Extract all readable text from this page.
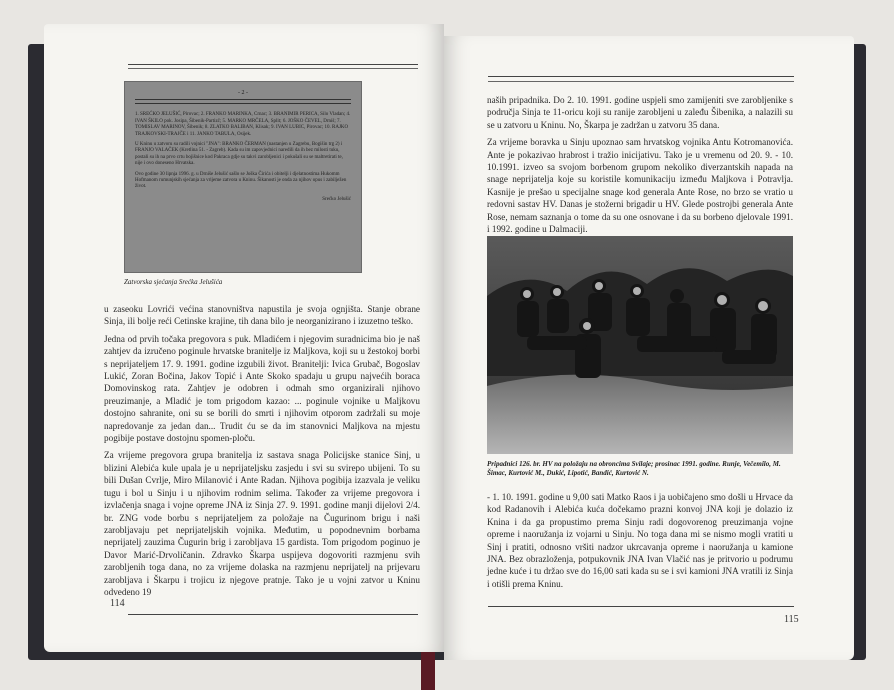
- 2 -

1. SREĆKO JELUŠIĆ, Pirovac; 2. FRANKO MARINKA, Crnac; 3. BRANIMIR PERICA, Silo Vladan; 4. IVAN ŠKILO pok. Josipa, Šibenik-Partizč; 5. MARKO MRČELA, Split; 6. JOŠKO ČEVEL, Drniš; 7. TOMISLAV MARINOV, Šibenik; 8. ZLATKO BALIBAN, Klisak; 9. IVAN LUBIC, Pirovac; 10. RAJKO TRAJKOVSKI-TRAJČE i 11. JANKO TABULA, Osijek.

U Kninu u zatvoru su radili vojnici "JNA": BRANKO ČERMAN (nastanjen u Zagrebu, Bogišin trg 2) i FRANJO VALAČEK (Kretlina 51. - Zagreb). Kada su im zapovjednici naredili da ih bez milosti tuku, postali su ih na prvo crtu bojišnice kod Pakraca gdje su takvi zarobljenici i pokušali su se maltretirati te, nije i ovo doneseno Hrvatska.

Ovo godine 30 lipnja 1996. g. u Drniše Jelušić sašlo se Joška Čirića i obitelji i djelatnostima Hukomm Hofmanom rumunjskih sjećanja za vrijeme zatvora u Kninu. Šikanosti je onda za njihov opus i zabilježen život.

Srećko Jelušić
Zatvorska sjećanja Srećka Jelušića

u zaseoku Lovrići većina stanovništva napustila je svoja ognjišta. Stanje obrane Sinja, ili bolje reći Cetinske krajine, tih dana bilo je neorganizirano i izuzetno teško.

Jedna od prvih točaka pregovora s puk. Mladićem i njegovim suradnicima bio je naš zahtjev da izručeno poginule hrvatske branitelje iz Maljkova, koji su u žestokoj borbi s neprijateljem 17. 9. 1991. godine izgubili život. Branitelji: Ivica Grubač, Bogoslav Lukić, Zoran Bočina, Jakov Topić i Ante Skoko spadaju u grupu najvećih boraca Domovinskog rata. Zahtjev je odobren i odmah smo organizirali njihovo preuzimanje, a Mladić je tom prigodom kazao: ... poginule vojnike u Maljkovu dostojno sahranite, oni su se borili do smrti i njihovim otporom zadržali su moje napredovanje za jedan dan... Trudit ću se da im stanovnici Maljkova na mjestu pogibije postave dostojnu spomen-ploču.

Za vrijeme pregovora grupa branitelja iz sastava snaga Policijske stanice Sinj, u blizini Alebića kule upala je u neprijateljsku zasjedu i svi su svirepo ubijeni. To su bili Dušan Cvrlje, Miro Milanović i Ante Radan. Njihova pogibija izazvala je veliku tugu i bol u Sinju i u njihovim rodnim selima. Također za vrijeme pregovora i izvlačenja snaga i vojne opreme JNA iz Sinja 27. 9. 1991. godine manji dijelovi 2/4. br. ZNG vode borbu s neprijateljem za položaje na Čugurinom brigu i naši zarobljavaju pet neprijateljskih vojnika. Međutim, u popodnevnim borbama neprijatelj zauzima Čugurin brig i zarobljava 15 gardista. Tom prigodom poginuo je Davor Marić-Drvoličanin. Zdravko Škarpa uspijeva dogovoriti razmjenu svih zarobljenih toga dana, no za vrijeme dolaska na razmjenu neprijatelj na prijevaru zarobljava i Škarpu i trojicu iz njegove pratnje. Tako je u vojni zatvor u Kninu odvedeno 19

114

naših pripadnika. Do 2. 10. 1991. godine uspjeli smo zamijeniti sve zarobljenike s područja Sinja te 11-oricu koji su ranije zarobljeni u zaleđu Šibenika, a nalazili su se u zatvoru u Kninu. No, Škarpa je zadržan u zatvoru 35 dana.

Za vrijeme boravka u Sinju upoznao sam hrvatskog vojnika Antu Kotromanovića. Ante je pokazivao hrabrost i tražio inicijativu. Tako je u vremenu od 20. 9. - 10. 10.1991. izveo sa svojom borbenom grupom nekoliko diverzantskih napada na snage neprijatelja koje su koristile komunikaciju između Maljkova i Potravlja. Kasnije je prešao u specijalne snage kod generala Ante Rose, no brzo se vratio u redovni sastav HV. Danas je stožerni brigadir u HV. Glede postrojbi generala Ante Rose, nemam saznanja o tome da su one osnovane i da su borbeno djelovale 1991. i 1992. godine u Dalmaciji.

Pripadnici 126. br. HV na položaju na obroncima Svilaje; prosinac 1991. godine. Runje, Večemilo, M. Šimac, Kurtović M., Dukić, Lipotić, Bandić, Kurtović N.

- 1. 10. 1991. godine u 9,00 sati Matko Raos i ja uobičajeno smo došli u Hrvace da kod Radanovih i Alebića kuća dočekamo prazni konvoj JNA koji je dolazio iz Knina i da ga propustimo prema Sinju radi dogovorenog preuzimanja vojne opreme i naoružanja iz vojarni u Sinju. No toga dana mi se nismo mogli vratiti u Sinj i pratiti, odnosno vršiti nadzor ukrcavanja opreme i naoružanja u kamione JNA. Bez obrazloženja, potpukovnik JNA Ivan Vlačić nas je pritvorio u podrumu jedne kuće i tu držao sve do 16,00 sati kada su se i svi kamioni JNA vratili iz Sinja i otišli prema Kninu.

115
